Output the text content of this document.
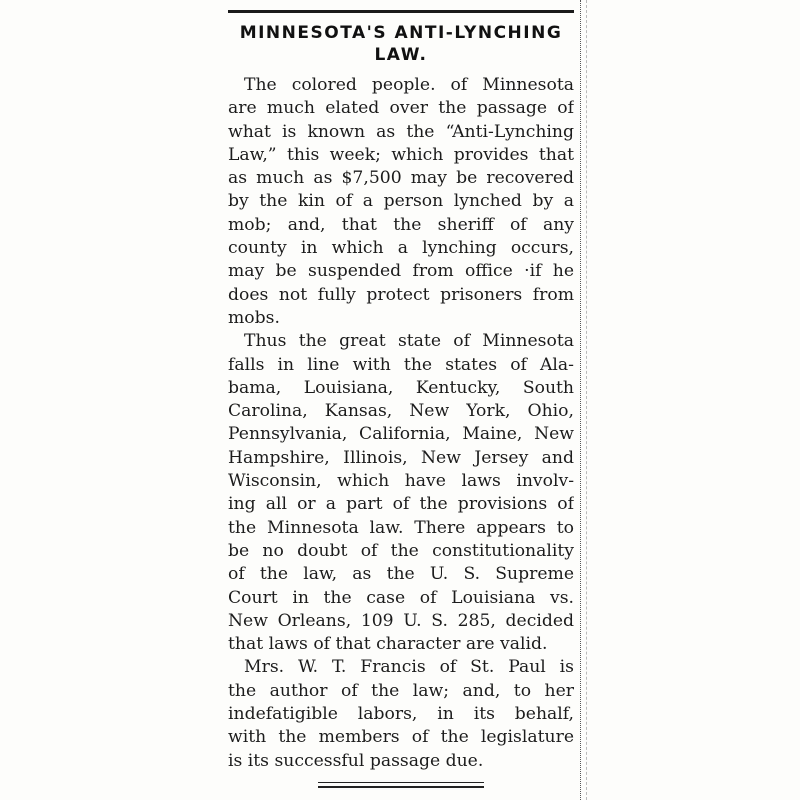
MINNESOTA'S ANTI-LYNCHING
LAW.
The colored people. of Minnesota
are much elated over the passage of
what is known as the “Anti-Lynching
Law,” this week; which provides that
as much as $7,500 may be recovered
by the kin of a person lynched by a
mob; and, that the sheriff of any
county in which a lynching occurs,
may be suspended from office ·if he
does not fully protect prisoners from
mobs.
Thus the great state of Minnesota
falls in line with the states of Ala-
bama, Louisiana, Kentucky, South
Carolina, Kansas, New York, Ohio,
Pennsylvania, California, Maine, New
Hampshire, Illinois, New Jersey and
Wisconsin, which have laws involv-
ing all or a part of the provisions of
the Minnesota law. There appears to
be no doubt of the constitutionality
of the law, as the U. S. Supreme
Court in the case of Louisiana vs.
New Orleans, 109 U. S. 285, decided
that laws of that character are valid.
Mrs. W. T. Francis of St. Paul is
the author of the law; and, to her
indefatigible labors, in its behalf,
with the members of the legislature
is its successful passage due.
